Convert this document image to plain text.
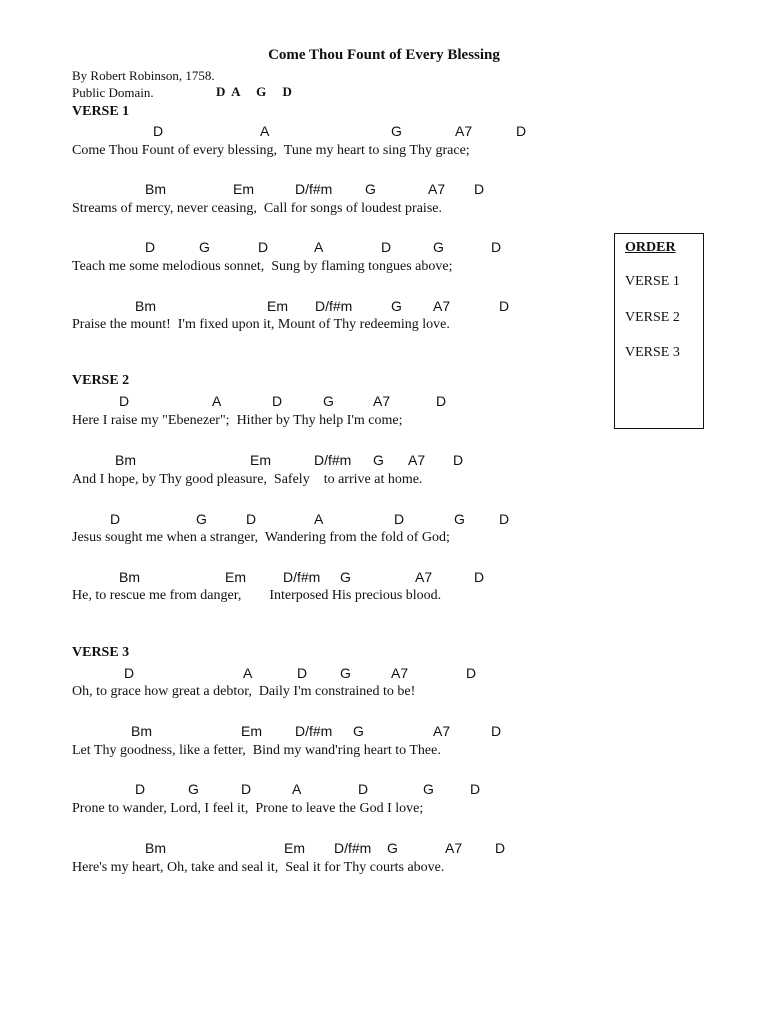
Come Thou Fount of Every Blessing
By Robert Robinson, 1758.
Public Domain.	D  A     G     D
VERSE 1
D	A	G	A7	D
Come Thou Fount of every blessing,  Tune my heart to sing Thy grace;
Bm	Em	D/f#m G	A7 D
Streams of mercy, never ceasing,  Call for songs of loudest praise.
D	G	D	A	D	G	D
Teach me some melodious sonnet,  Sung by flaming tongues above;
Bm	Em D/f#m	G A7	D
Praise the mount!  I'm fixed upon it, Mount of Thy redeeming love.
VERSE 2
D	A	D	G	A7	D
Here I raise my "Ebenezer";  Hither by Thy help I'm come;
Bm	Em	D/f#m G A7 D
And I hope, by Thy good pleasure,  Safely    to arrive at home.
D	G	D	A	D	G D
Jesus sought me when a stranger,  Wandering from the fold of God;
Bm	Em	D/f#m G	A7	D
He, to rescue me from danger,        Interposed His precious blood.
VERSE 3
D	A	D G	A7	D
Oh, to grace how great a debtor,  Daily I'm constrained to be!
Bm	Em D/f#m G	A7	D
Let Thy goodness, like a fetter,  Bind my wand'ring heart to Thee.
D	G	D	A	D	G	D
Prone to wander, Lord, I feel it,  Prone to leave the God I love;
Bm	Em D/f#m G	A7 D
Here's my heart, Oh, take and seal it,  Seal it for Thy courts above.
ORDER
VERSE 1
VERSE 2
VERSE 3
